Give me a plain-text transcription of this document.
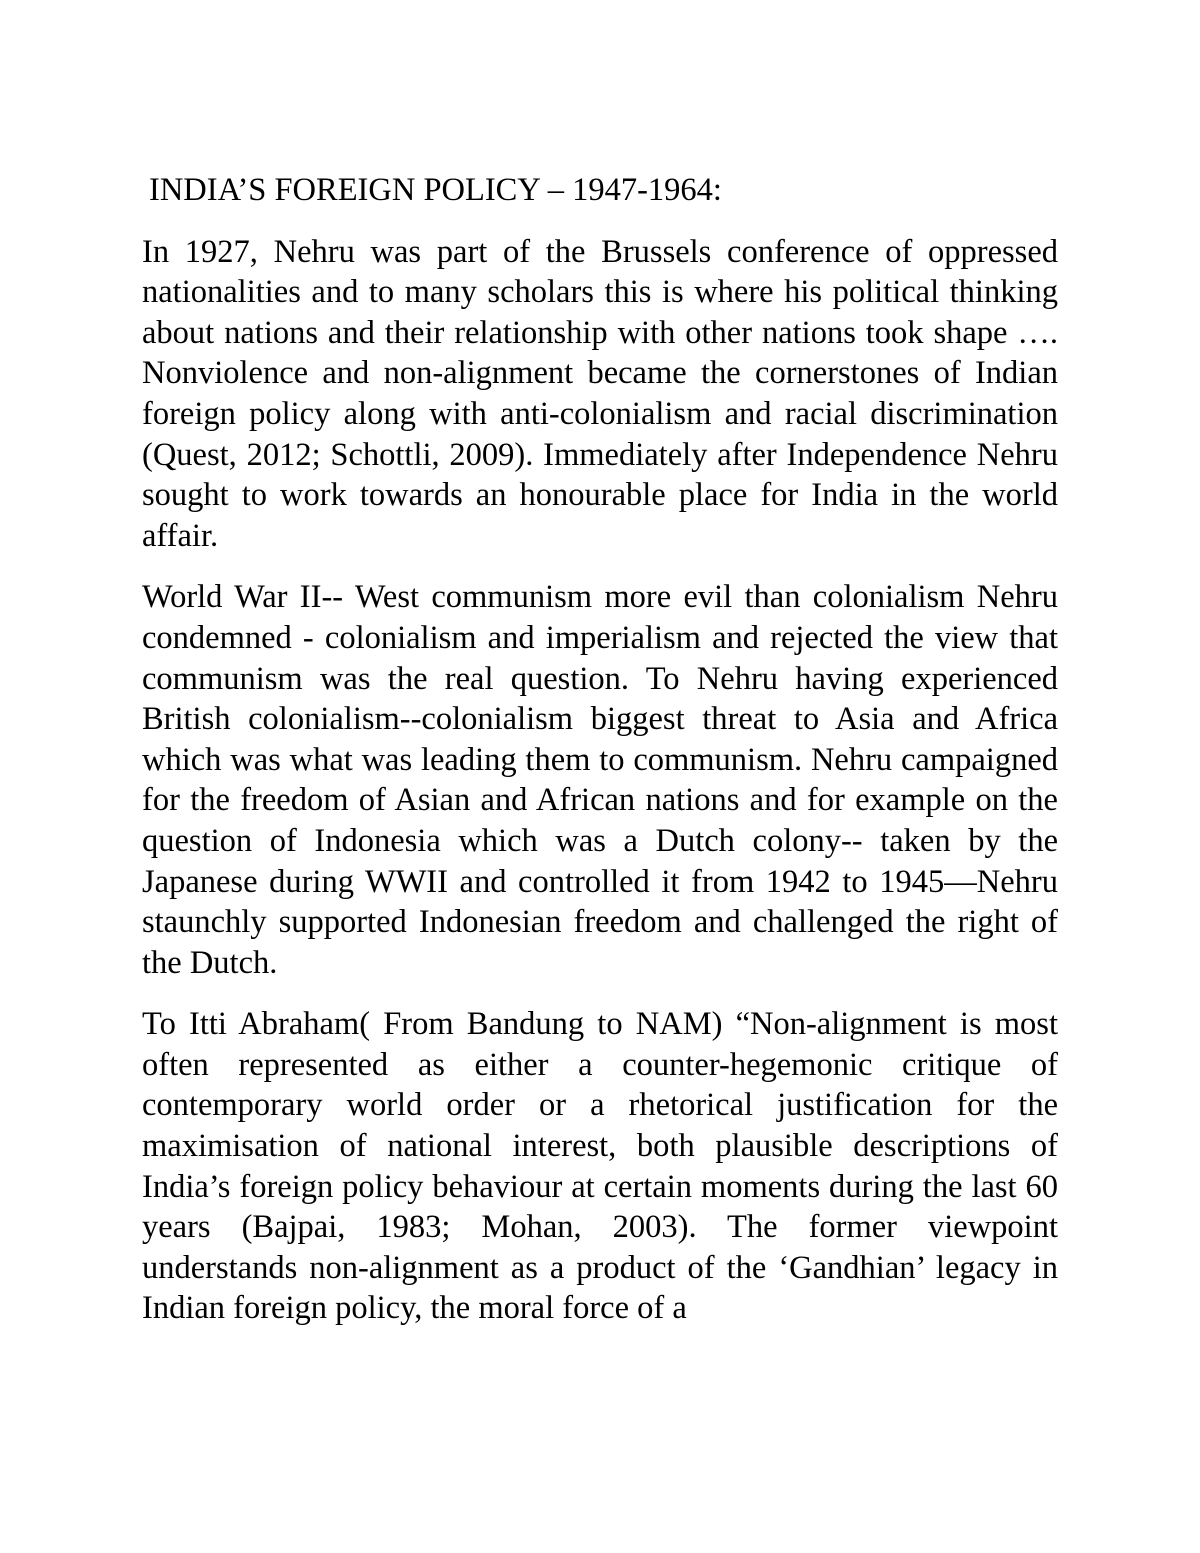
INDIA’S FOREIGN POLICY – 1947-1964:

In 1927, Nehru was part of the Brussels conference of oppressed nationalities and to many scholars this is where his political thinking about nations and their relationship with other nations took shape …. Nonviolence and non-alignment became the cornerstones of Indian foreign policy along with anti-colonialism and racial discrimination (Quest, 2012; Schottli, 2009). Immediately after Independence Nehru sought to work towards an honourable place for India in the world affair.

World War II-- West communism more evil than colonialism Nehru condemned - colonialism and imperialism and rejected the view that communism was the real question. To Nehru having experienced British colonialism--colonialism biggest threat to Asia and Africa which was what was leading them to communism. Nehru campaigned for the freedom of Asian and African nations and for example on the question of Indonesia which was a Dutch colony-- taken by the Japanese during WWII and controlled it from 1942 to 1945—Nehru staunchly supported Indonesian freedom and challenged the right of the Dutch.

To Itti Abraham( From Bandung to NAM) “Non-alignment is most often represented as either a counter-hegemonic critique of contemporary world order or a rhetorical justification for the maximisation of national interest, both plausible descriptions of India’s foreign policy behaviour at certain moments during the last 60 years (Bajpai, 1983; Mohan, 2003). The former viewpoint understands non-alignment as a product of the ‘Gandhian’ legacy in Indian foreign policy, the moral force of a
